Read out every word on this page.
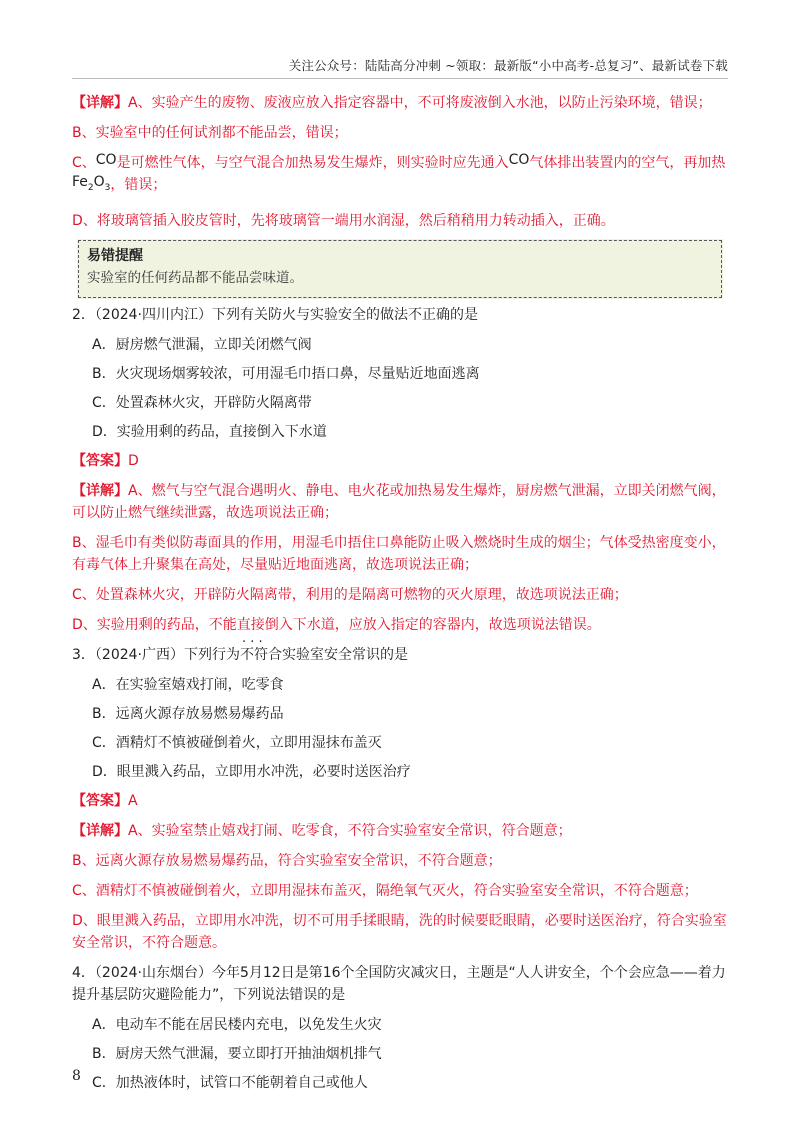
关注公众号：陆陆高分冲刺 ~领取：最新版“小中高考-总复习”、最新试卷下载
【详解】A、实验产生的废物、废液应放入指定容器中，不可将废液倒入水池，以防止污染环境，错误；
B、实验室中的任何试剂都不能品尝，错误；
C、CO是可燃性气体，与空气混合加热易发生爆炸，则实验时应先通入CO气体排出装置内的空气，再加热$Fe_2O_3$，错误；
D、将玻璃管插入胶皮管时，先将玻璃管一端用水润湿，然后稍稍用力转动插入，正确。
易错提醒
实验室的任何药品都不能品尝味道。
2．（2024·四川内江）下列有关防火与实验安全的做法不正确的是
A．厨房燃气泄漏，立即关闭燃气阀
B．火灾现场烟雾较浓，可用湿毛巾捂口鼻，尽量贴近地面逃离
C．处置森林火灾，开辟防火隔离带
D．实验用剩的药品，直接倒入下水道
【答案】D
【详解】A、燃气与空气混合遇明火、静电、电火花或加热易发生爆炸，厨房燃气泄漏，立即关闭燃气阀，可以防止燃气继续泄露，故选项说法正确；
B、湿毛巾有类似防毒面具的作用，用湿毛巾捂住口鼻能防止吸入燃烧时生成的烟尘；气体受热密度变小，有毒气体上升聚集在高处，尽量贴近地面逃离，故选项说法正确；
C、处置森林火灾，开辟防火隔离带，利用的是隔离可燃物的灭火原理，故选项说法正确；
D、实验用剩的药品，不能直接倒入下水道，应放入指定的容器内，故选项说法错误。
3．（2024·广西）下列行为· · · 不符合实验室安全常识的是
A．在实验室嬉戏打闹，吃零食
B．远离火源存放易燃易爆药品
C．酒精灯不慎被碰倒着火，立即用湿抹布盖灭
D．眼里溅入药品，立即用水冲洗，必要时送医治疗
【答案】A
【详解】A、实验室禁止嬉戏打闹、吃零食，不符合实验室安全常识，符合题意；
B、远离火源存放易燃易爆药品，符合实验室安全常识，不符合题意；
C、酒精灯不慎被碰倒着火，立即用湿抹布盖灭，隔绝氧气灭火，符合实验室安全常识，不符合题意；
D、眼里溅入药品，立即用水冲洗，切不可用手揉眼睛，洗的时候要眨眼睛，必要时送医治疗，符合实验室安全常识，不符合题意。
4．（2024·山东烟台）今年5月12日是第16个全国防灾减灾日，主题是“人人讲安全，个个会应急——着力提升基层防灾避险能力”，下列说法错误的是
A．电动车不能在居民楼内充电，以免发生火灾
B．厨房天然气泄漏，要立即打开抽油烟机排气
C．加热液体时，试管口不能朝着自己或他人
8
